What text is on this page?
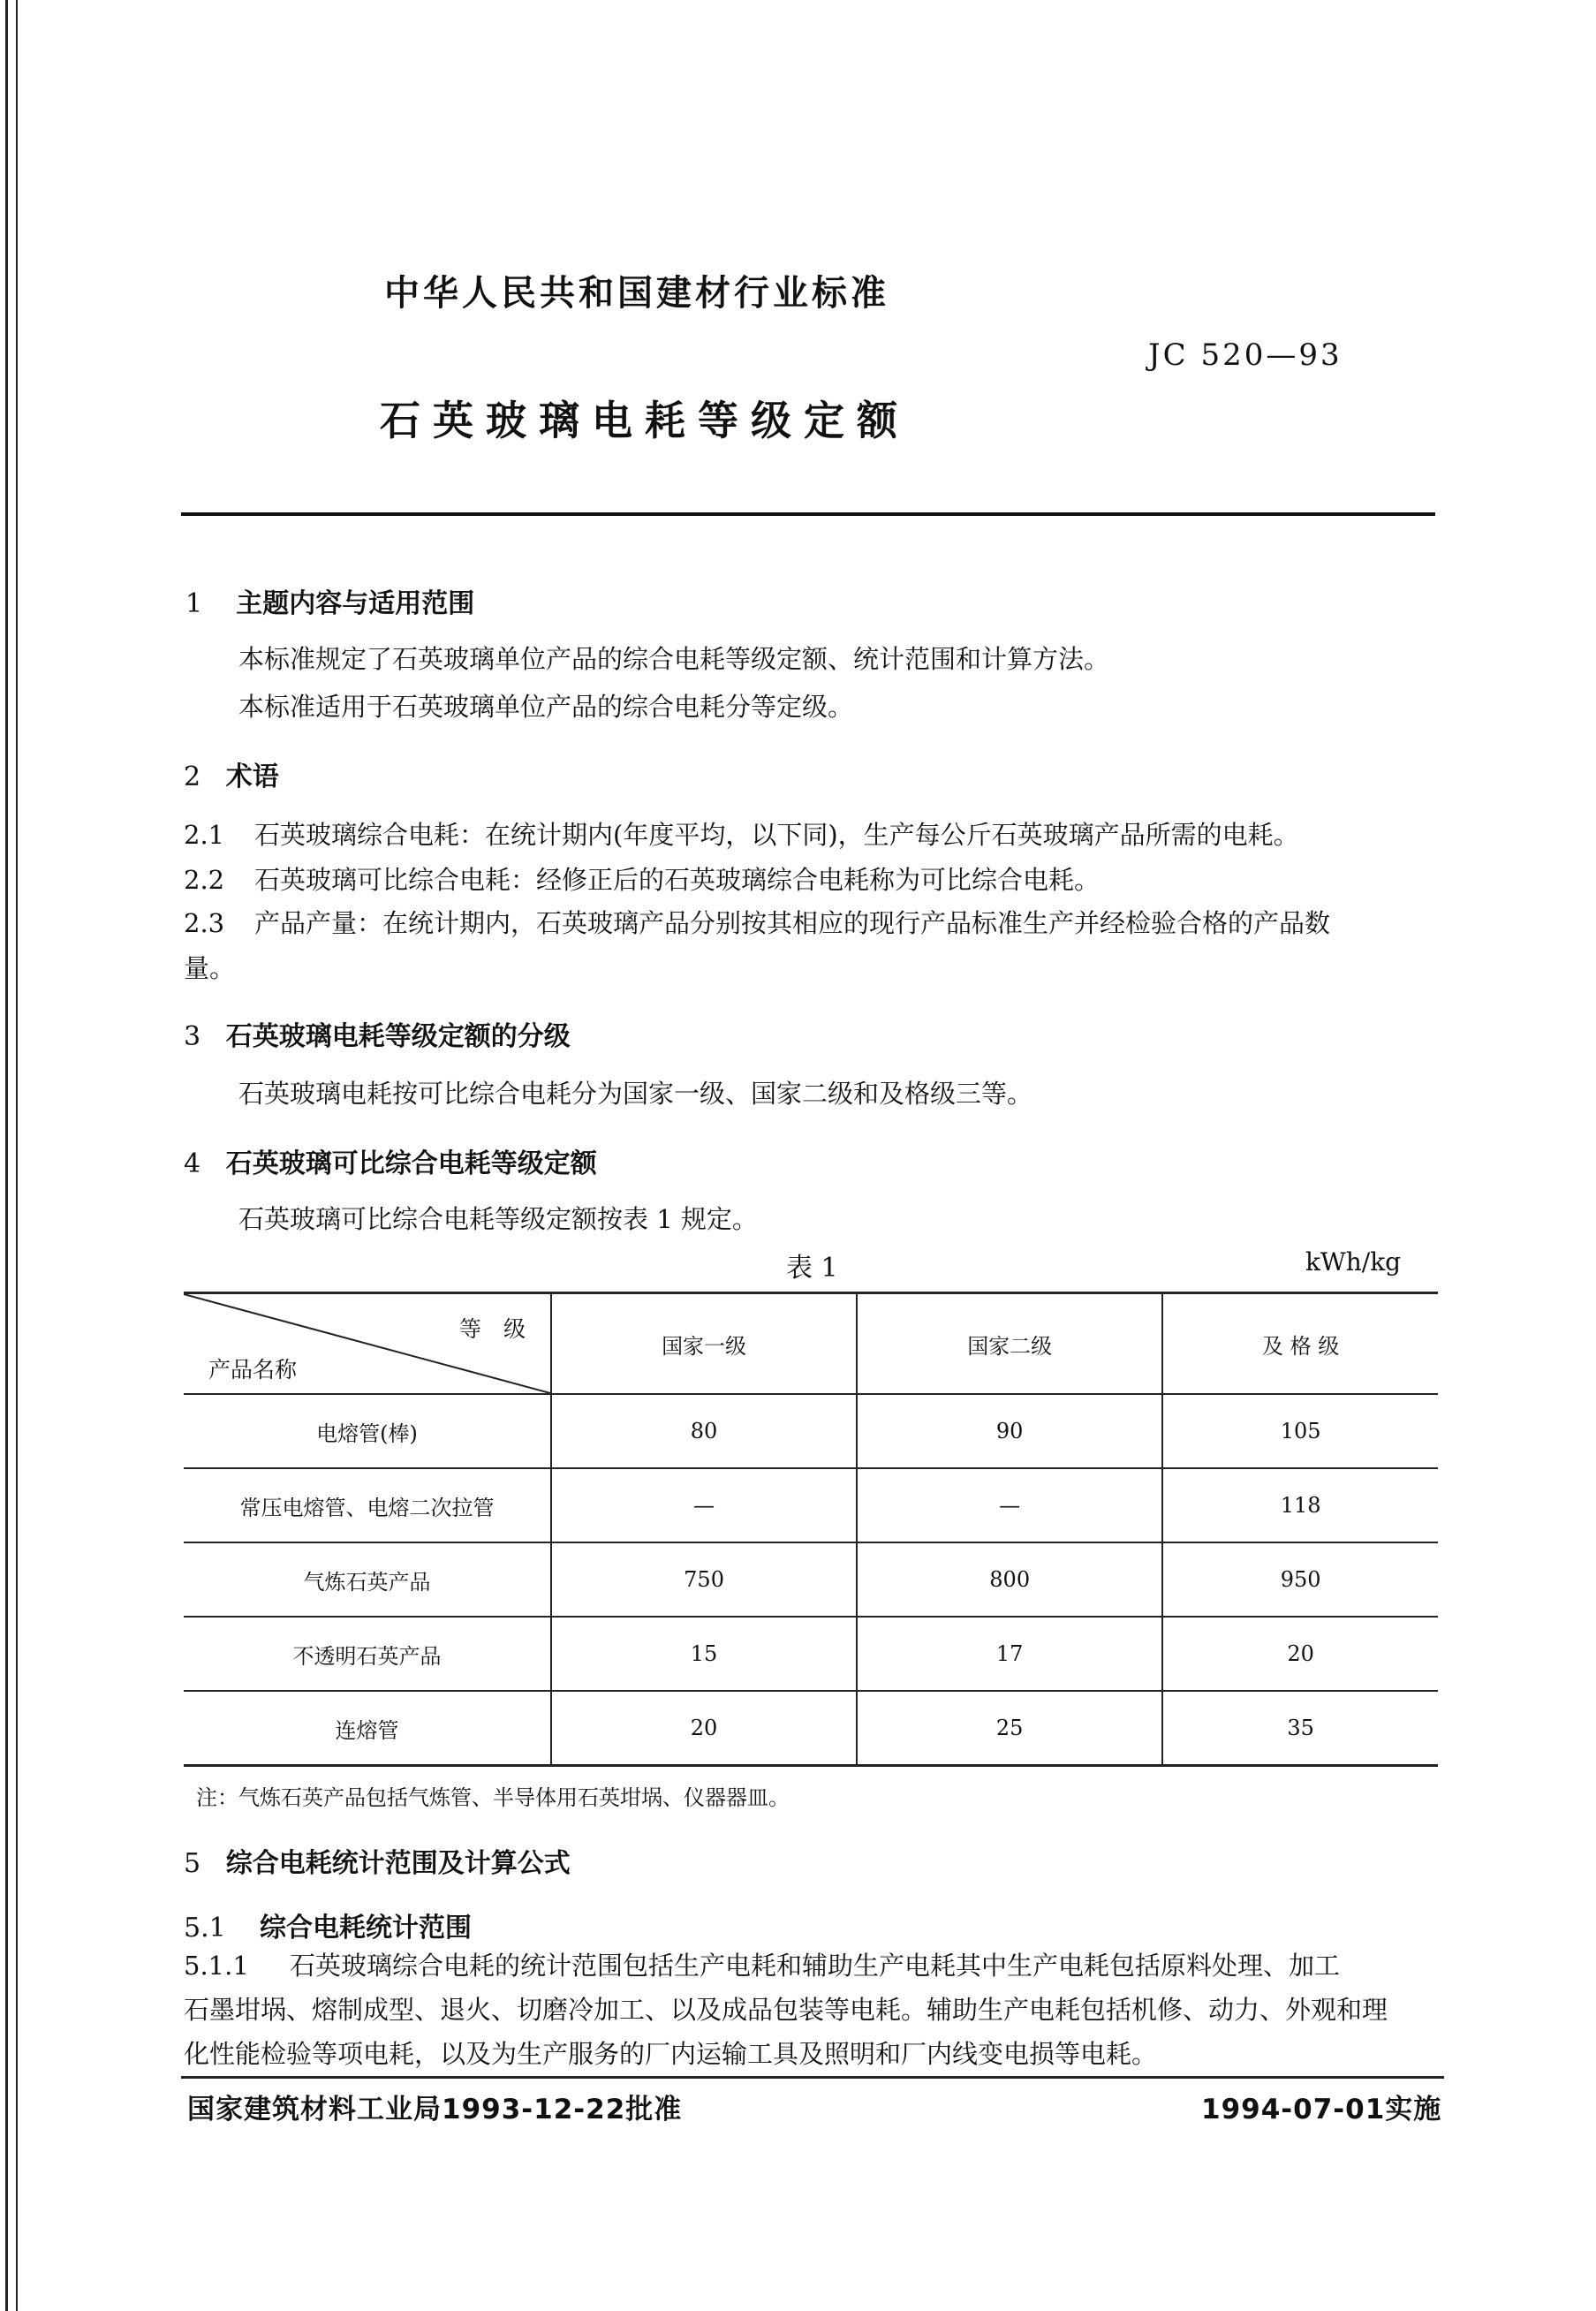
中华人民共和国建材行业标准
JC 520—93
石英玻璃电耗等级定额
1 主题内容与适用范围
本标准规定了石英玻璃单位产品的综合电耗等级定额、统计范围和计算方法。
本标准适用于石英玻璃单位产品的综合电耗分等定级。
2 术语
2.1 石英玻璃综合电耗：在统计期内(年度平均，以下同)，生产每公斤石英玻璃产品所需的电耗。
2.2 石英玻璃可比综合电耗：经修正后的石英玻璃综合电耗称为可比综合电耗。
2.3 产品产量：在统计期内，石英玻璃产品分别按其相应的现行产品标准生产并经检验合格的产品数
量。
3 石英玻璃电耗等级定额的分级
石英玻璃电耗按可比综合电耗分为国家一级、国家二级和及格级三等。
4 石英玻璃可比综合电耗等级定额
石英玻璃可比综合电耗等级定额按表 1 规定。
表 1	kWh/kg
等　级
产品名称	国家一级	国家二级	及 格 级
电熔管(棒)	80	90	105
常压电熔管、电熔二次拉管	—	—	118
气炼石英产品	750	800	950
不透明石英产品	15	17	20
连熔管	20	25	35
注：气炼石英产品包括气炼管、半导体用石英坩埚、仪器器皿。
5 综合电耗统计范围及计算公式
5.1 综合电耗统计范围
5.1.1 石英玻璃综合电耗的统计范围包括生产电耗和辅助生产电耗其中生产电耗包括原料处理、加工
石墨坩埚、熔制成型、退火、切磨冷加工、以及成品包装等电耗。辅助生产电耗包括机修、动力、外观和理
化性能检验等项电耗，以及为生产服务的厂内运输工具及照明和厂内线变电损等电耗。
国家建筑材料工业局1993-12-22批准	1994-07-01实施
